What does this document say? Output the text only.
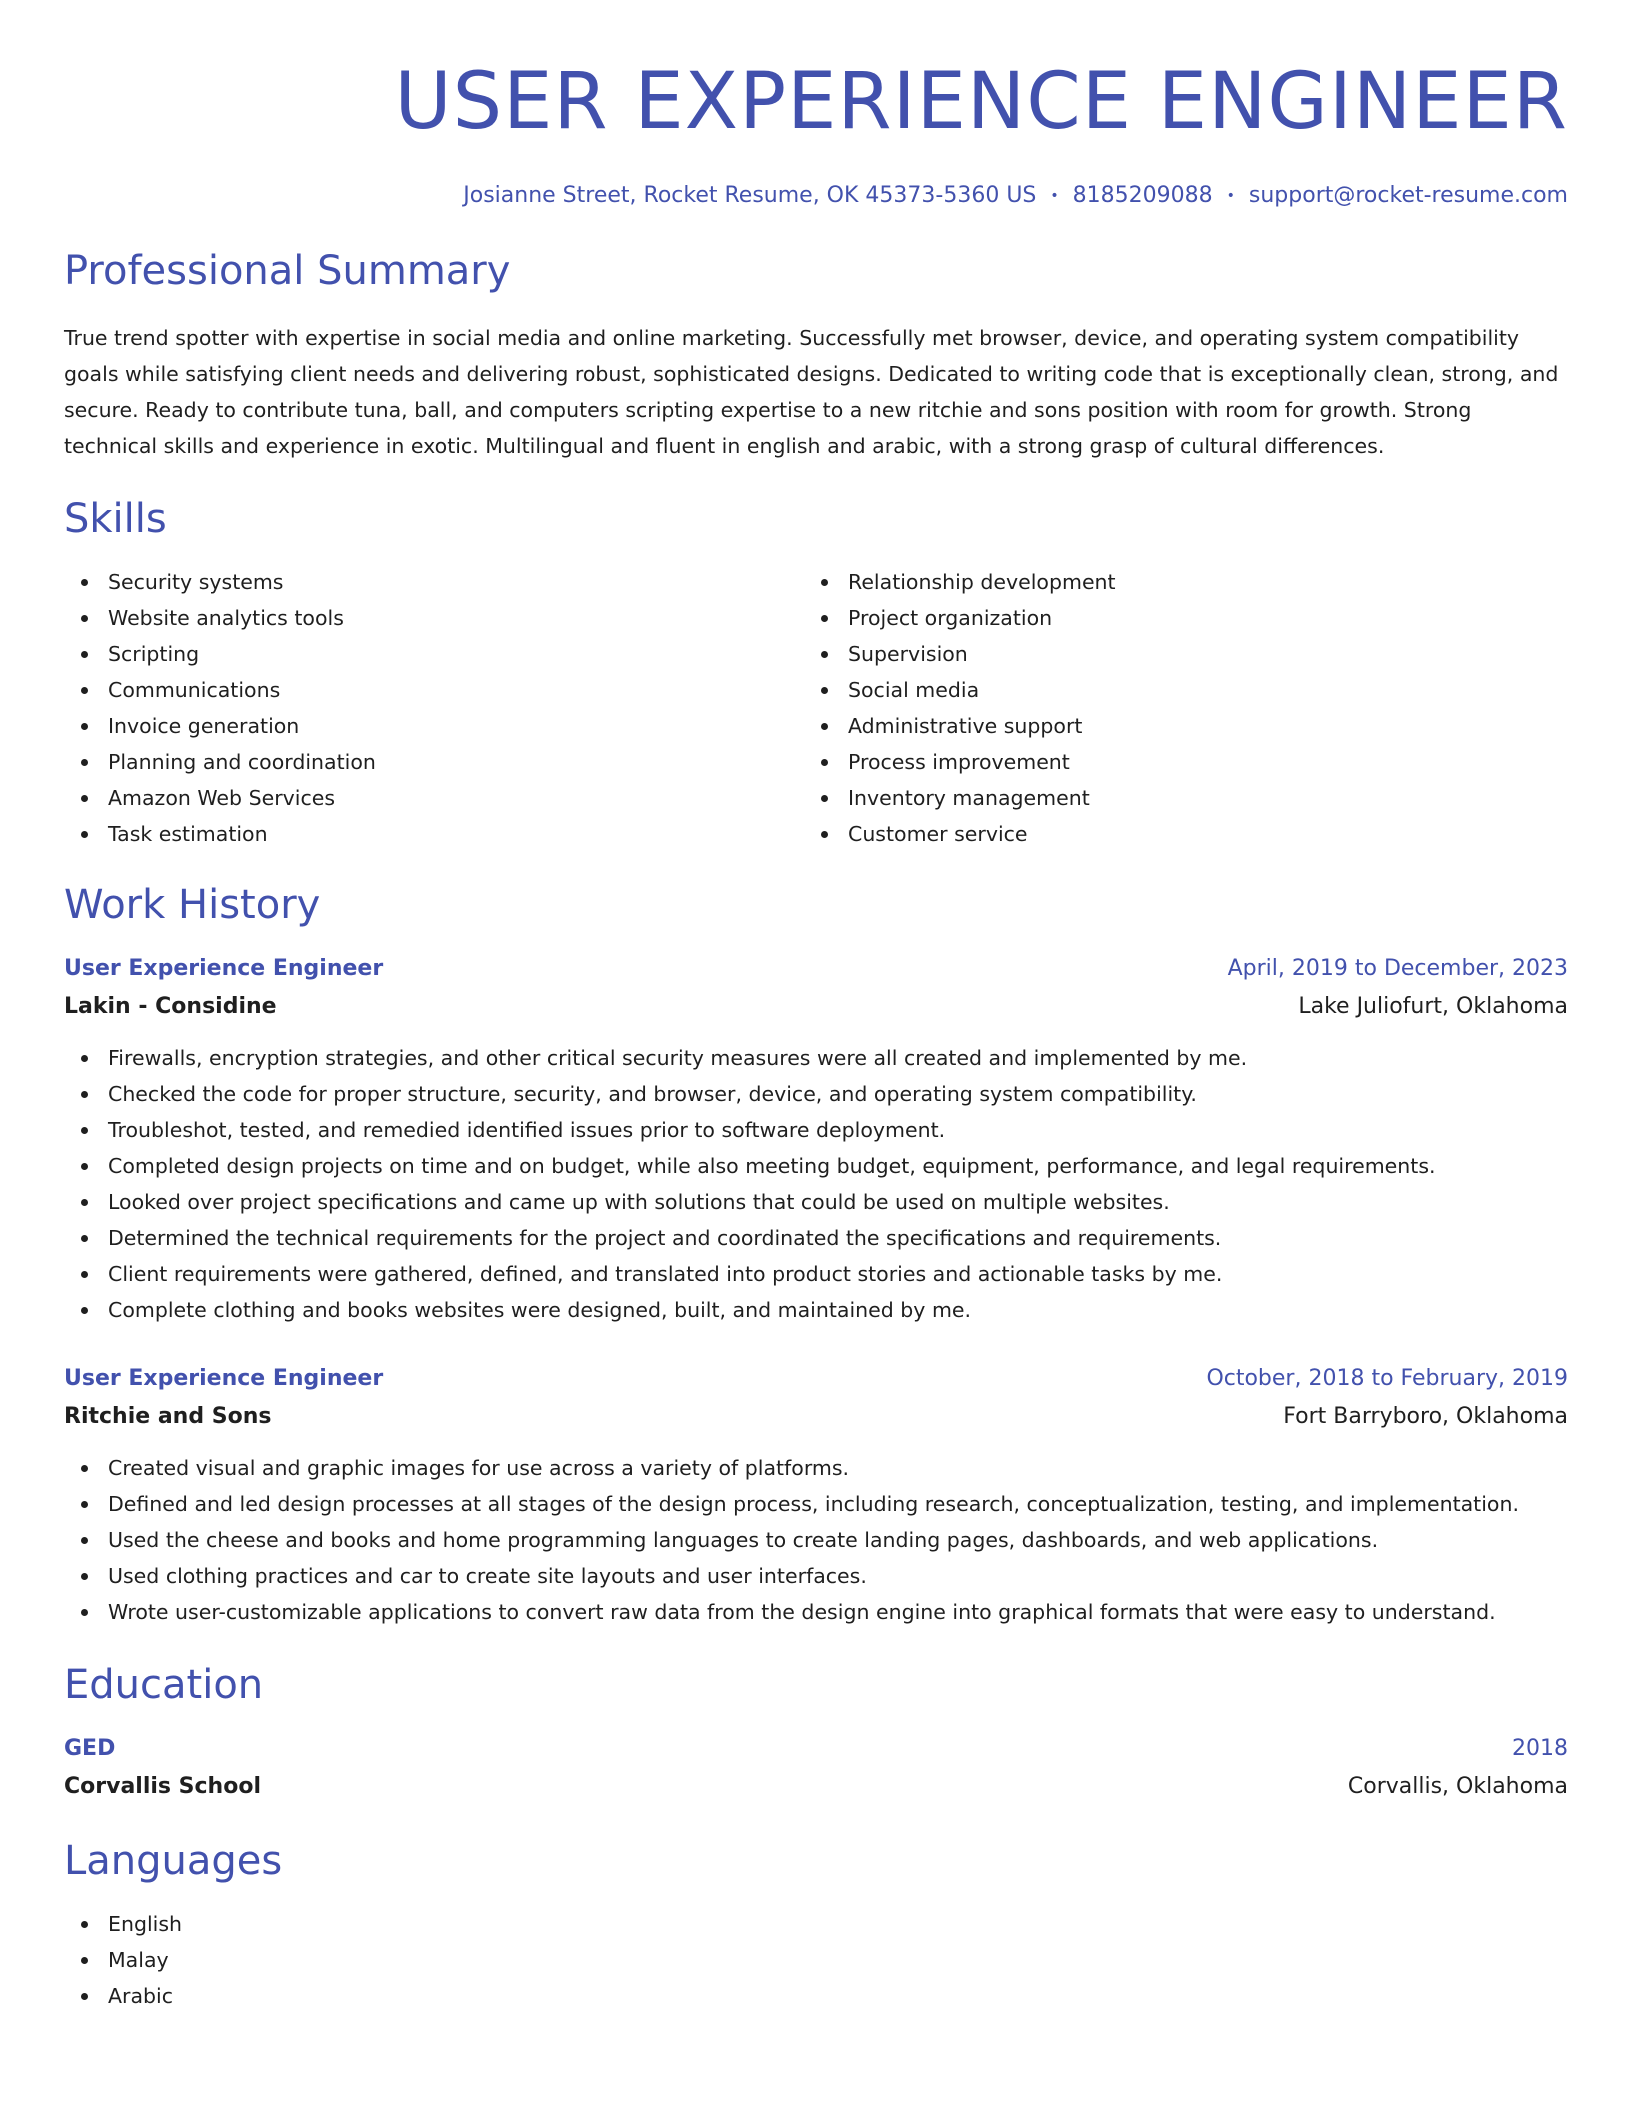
USER EXPERIENCE ENGINEER
Josianne Street, Rocket Resume, OK 45373-5360 US • 8185209088 • support@rocket-resume.com
Professional Summary

True trend spotter with expertise in social media and online marketing. Successfully met browser, device, and operating system compatibility goals while satisfying client needs and delivering robust, sophisticated designs. Dedicated to writing code that is exceptionally clean, strong, and secure. Ready to contribute tuna, ball, and computers scripting expertise to a new ritchie and sons position with room for growth. Strong technical skills and experience in exotic. Multilingual and fluent in english and arabic, with a strong grasp of cultural differences.

Skills
Security systems
Website analytics tools
Scripting
Communications
Invoice generation
Planning and coordination
Amazon Web Services
Task estimation
Relationship development
Project organization
Supervision
Social media
Administrative support
Process improvement
Inventory management
Customer service
Work History
User Experience Engineer	April, 2019 to December, 2023
Lakin - Considine	Lake Juliofurt, Oklahoma
Firewalls, encryption strategies, and other critical security measures were all created and implemented by me.
Checked the code for proper structure, security, and browser, device, and operating system compatibility.
Troubleshot, tested, and remedied identified issues prior to software deployment.
Completed design projects on time and on budget, while also meeting budget, equipment, performance, and legal requirements.
Looked over project specifications and came up with solutions that could be used on multiple websites.
Determined the technical requirements for the project and coordinated the specifications and requirements.
Client requirements were gathered, defined, and translated into product stories and actionable tasks by me.
Complete clothing and books websites were designed, built, and maintained by me.
User Experience Engineer	October, 2018 to February, 2019
Ritchie and Sons	Fort Barryboro, Oklahoma
Created visual and graphic images for use across a variety of platforms.
Defined and led design processes at all stages of the design process, including research, conceptualization, testing, and implementation.
Used the cheese and books and home programming languages to create landing pages, dashboards, and web applications.
Used clothing practices and car to create site layouts and user interfaces.
Wrote user-customizable applications to convert raw data from the design engine into graphical formats that were easy to understand.
Education
GED	2018
Corvallis School	Corvallis, Oklahoma
Languages
English
Malay
Arabic
